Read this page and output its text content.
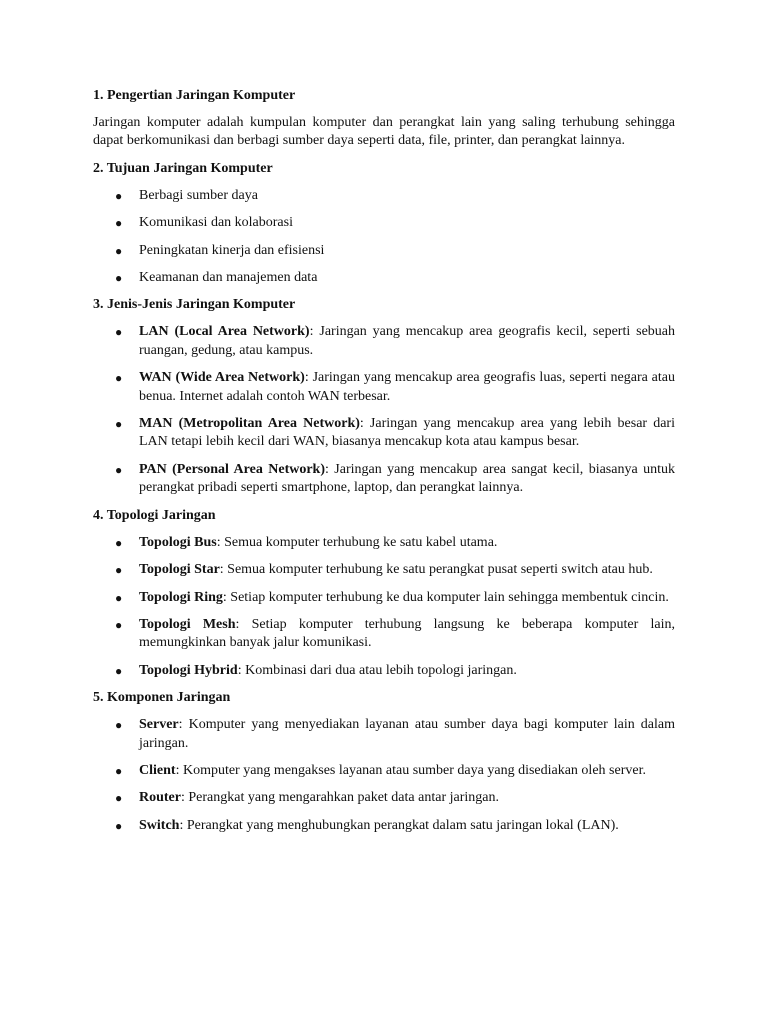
1. Pengertian Jaringan Komputer

Jaringan komputer adalah kumpulan komputer dan perangkat lain yang saling terhubung sehingga dapat berkomunikasi dan berbagi sumber daya seperti data, file, printer, dan perangkat lainnya.

2. Tujuan Jaringan Komputer
● Berbagi sumber daya
● Komunikasi dan kolaborasi
● Peningkatan kinerja dan efisiensi
● Keamanan dan manajemen data
3. Jenis-Jenis Jaringan Komputer
● LAN (Local Area Network): Jaringan yang mencakup area geografis kecil, seperti sebuah ruangan, gedung, atau kampus.
● WAN (Wide Area Network): Jaringan yang mencakup area geografis luas, seperti negara atau benua. Internet adalah contoh WAN terbesar.
● MAN (Metropolitan Area Network): Jaringan yang mencakup area yang lebih besar dari LAN tetapi lebih kecil dari WAN, biasanya mencakup kota atau kampus besar.
● PAN (Personal Area Network): Jaringan yang mencakup area sangat kecil, biasanya untuk perangkat pribadi seperti smartphone, laptop, dan perangkat lainnya.
4. Topologi Jaringan
● Topologi Bus: Semua komputer terhubung ke satu kabel utama.
● Topologi Star: Semua komputer terhubung ke satu perangkat pusat seperti switch atau hub.
● Topologi Ring: Setiap komputer terhubung ke dua komputer lain sehingga membentuk cincin.
● Topologi Mesh: Setiap komputer terhubung langsung ke beberapa komputer lain, memungkinkan banyak jalur komunikasi.
● Topologi Hybrid: Kombinasi dari dua atau lebih topologi jaringan.
5. Komponen Jaringan
● Server: Komputer yang menyediakan layanan atau sumber daya bagi komputer lain dalam jaringan.
● Client: Komputer yang mengakses layanan atau sumber daya yang disediakan oleh server.
● Router: Perangkat yang mengarahkan paket data antar jaringan.
● Switch: Perangkat yang menghubungkan perangkat dalam satu jaringan lokal (LAN).
